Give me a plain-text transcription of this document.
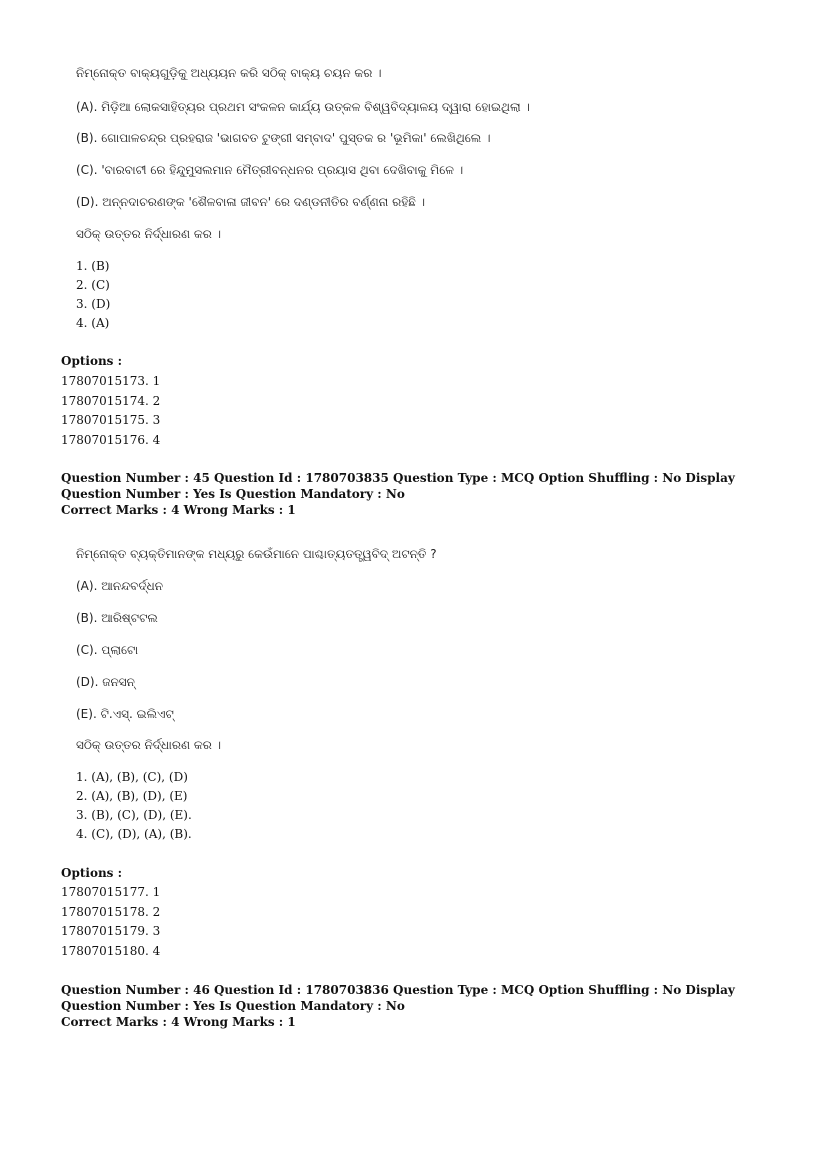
ନିମ୍ନୋକ୍ତ ବାକ୍ୟଗୁଡ଼ିକୁ ଅଧ୍ୟୟନ କରି ସଠିକ୍ ବାକ୍ୟ ଚୟନ କର ।
(A). ମିଡ଼ିଆ ଲୋକସାହିତ୍ୟର ପ୍ରଥମ ସଂକଳନ କାର୍ଯ୍ୟ ଉତ୍କଳ ବିଶ୍ୱବିଦ୍ୟାଳୟ ଦ୍ୱାରା ହୋଇଥିଲା ।
(B). ଗୋପାଳଚନ୍ଦ୍ର ପ୍ରହରାଜ 'ଭାଗବତ ଟୁଙ୍ଗୀ ସମ୍ବାଦ' ପୁସ୍ତକ ର 'ଭୂମିକା' ଲେଖିଥିଲେ ।
(C). 'ବାରବାଟୀ ରେ ହିନ୍ଦୁମୁସଲମାନ ମୈତ୍ରୀବନ୍ଧନର ପ୍ରୟାସ ଥିବା ଦେଖିବାକୁ ମିଳେ ।
(D). ଅନ୍ନଦାଚରଣଙ୍କ 'ଶୈଳବାଳା ଜୀବନ' ରେ ଦଣ୍ଡନୀତିର ବର୍ଣ୍ଣନା ରହିଛି ।
ସଠିକ୍ ଉତ୍ତର ନିର୍ଦ୍ଧାରଣ କର ।
1. (B)
2. (C)
3. (D)
4. (A)
Options :
17807015173. 1
17807015174. 2
17807015175. 3
17807015176. 4
Question Number : 45 Question Id : 1780703835 Question Type : MCQ Option Shuffling : No Display Question Number : Yes Is Question Mandatory : No
Correct Marks : 4 Wrong Marks : 1
ନିମ୍ନୋକ୍ତ ବ୍ୟକ୍ତିମାନଙ୍କ ମଧ୍ୟରୁ କେଉଁମାନେ ପାଶ୍ଚାତ୍ୟତତ୍ତ୍ୱବିଦ୍ ଅଟନ୍ତି ?
(A). ଆନନ୍ଦବର୍ଦ୍ଧନ
(B). ଆରିଷ୍ଟଟଲ
(C). ପ୍ଲାଟୋ
(D). ଜନସନ୍
(E). ଟି.ଏସ୍. ଇଲିଏଟ୍
ସଠିକ୍ ଉତ୍ତର ନିର୍ଦ୍ଧାରଣ କର ।
1. (A), (B), (C), (D)
2. (A), (B), (D), (E)
3. (B), (C), (D), (E).
4. (C), (D), (A), (B).
Options :
17807015177. 1
17807015178. 2
17807015179. 3
17807015180. 4
Question Number : 46 Question Id : 1780703836 Question Type : MCQ Option Shuffling : No Display Question Number : Yes Is Question Mandatory : No
Correct Marks : 4 Wrong Marks : 1
